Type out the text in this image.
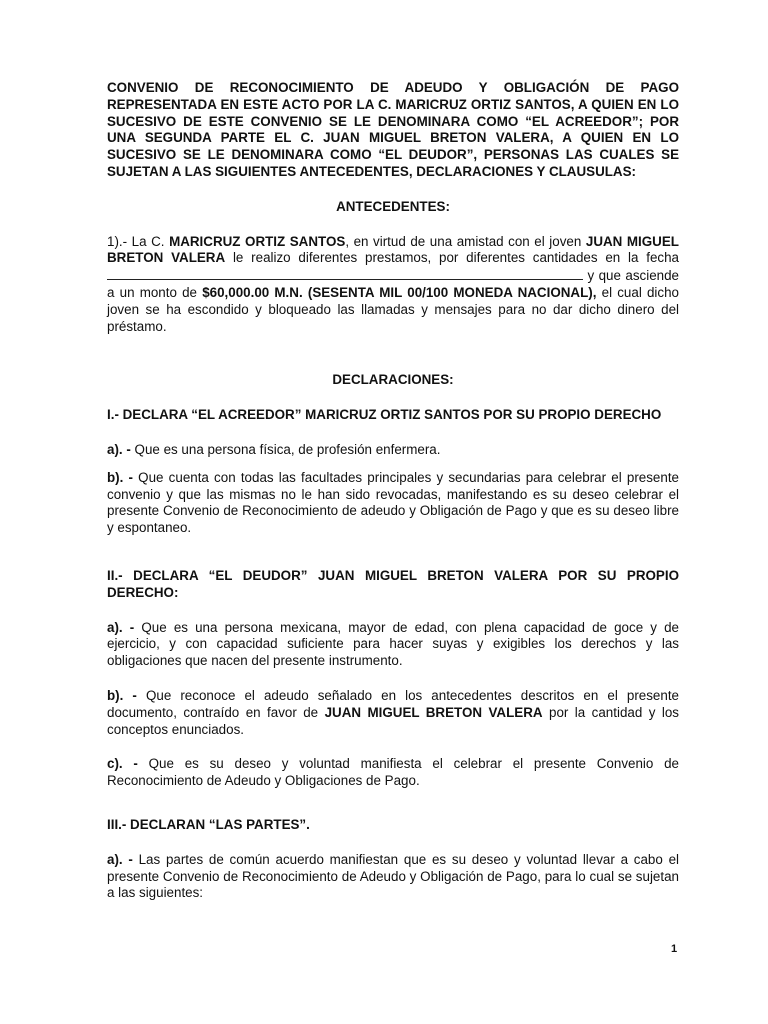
CONVENIO DE RECONOCIMIENTO DE ADEUDO Y OBLIGACIÓN DE PAGO REPRESENTADA EN ESTE ACTO POR LA C. MARICRUZ ORTIZ SANTOS, A QUIEN EN LO SUCESIVO DE ESTE CONVENIO SE LE DENOMINARA COMO “EL ACREEDOR”; POR UNA SEGUNDA PARTE EL C. JUAN MIGUEL BRETON VALERA, A QUIEN EN LO SUCESIVO SE LE DENOMINARA COMO “EL DEUDOR”, PERSONAS LAS CUALES SE SUJETAN A LAS SIGUIENTES ANTECEDENTES, DECLARACIONES Y CLAUSULAS:

ANTECEDENTES:

1).- La C. MARICRUZ ORTIZ SANTOS, en virtud de una amistad con el joven JUAN MIGUEL BRETON VALERA le realizo diferentes prestamos, por diferentes cantidades en la fecha y que asciende a un monto de $60,000.00 M.N. (SESENTA MIL 00/100 MONEDA NACIONAL), el cual dicho joven se ha escondido y bloqueado las llamadas y mensajes para no dar dicho dinero del préstamo.

DECLARACIONES:

I.- DECLARA “EL ACREEDOR” MARICRUZ ORTIZ SANTOS POR SU PROPIO DERECHO

a). - Que es una persona física, de profesión enfermera.

b). - Que cuenta con todas las facultades principales y secundarias para celebrar el presente convenio y que las mismas no le han sido revocadas, manifestando es su deseo celebrar el presente Convenio de Reconocimiento de adeudo y Obligación de Pago y que es su deseo libre y espontaneo.

II.- DECLARA “EL DEUDOR” JUAN MIGUEL BRETON VALERA POR SU PROPIO DERECHO:

a). - Que es una persona mexicana, mayor de edad, con plena capacidad de goce y de ejercicio, y con capacidad suficiente para hacer suyas y exigibles los derechos y las obligaciones que nacen del presente instrumento.

b). - Que reconoce el adeudo señalado en los antecedentes descritos en el presente documento, contraído en favor de JUAN MIGUEL BRETON VALERA por la cantidad y los conceptos enunciados.

c). - Que es su deseo y voluntad manifiesta el celebrar el presente Convenio de Reconocimiento de Adeudo y Obligaciones de Pago.

III.- DECLARAN “LAS PARTES”.

a). - Las partes de común acuerdo manifiestan que es su deseo y voluntad llevar a cabo el presente Convenio de Reconocimiento de Adeudo y Obligación de Pago, para lo cual se sujetan a las siguientes:

1
